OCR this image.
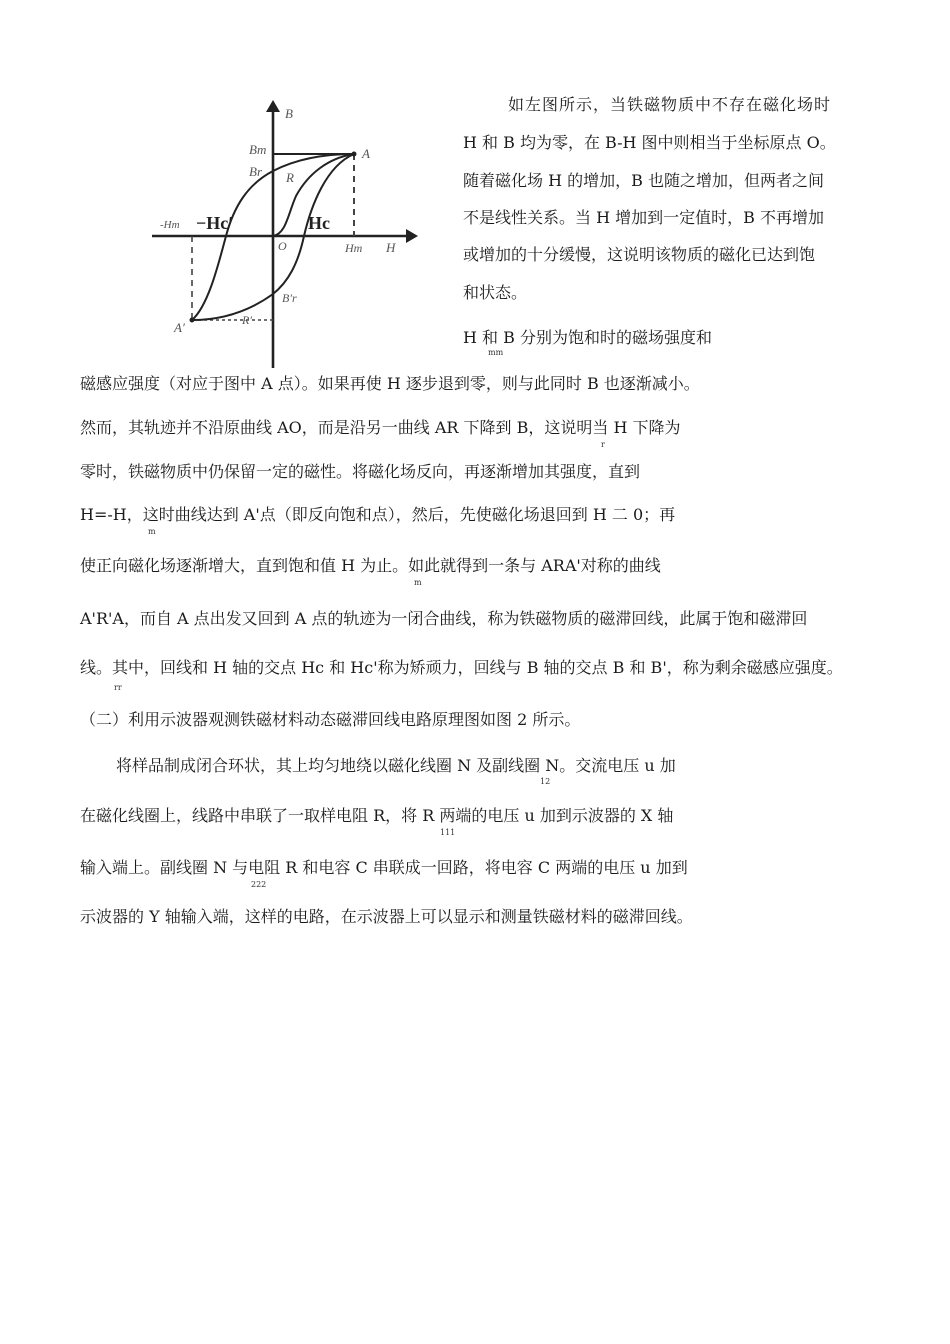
B
Bm
Br R
A
-Hm −Hc′	Hc
O	Hm H
B′r
R′
A′
如左图所示，当铁磁物质中不存在磁化场时
H 和 B 均为零，在 B-H 图中则相当于坐标原点 O。
随着磁化场 H 的增加，B 也随之增加，但两者之间
不是线性关系。当 H 增加到一定值时，B 不再增加
或增加的十分缓慢，这说明该物质的磁化已达到饱
和状态。
H 和 B 分别为饱和时的磁场强度和
mm
磁感应强度（对应于图中 A 点）。如果再使 H 逐步退到零，则与此同时 B 也逐渐减小。
然而，其轨迹并不沿原曲线 AO，而是沿另一曲线 AR 下降到 B，这说明当 H 下降为
r
零时，铁磁物质中仍保留一定的磁性。将磁化场反向，再逐渐增加其强度，直到
H=-H，这时曲线达到 A'点（即反向饱和点），然后，先使磁化场退回到 H 二 0；再
m
使正向磁化场逐渐增大，直到饱和值 H 为止。如此就得到一条与 ARA'对称的曲线
m
A'R'A，而自 A 点出发又回到 A 点的轨迹为一闭合曲线，称为铁磁物质的磁滞回线，此属于饱和磁滞回
线。其中，回线和 H 轴的交点 Hc 和 Hc'称为矫顽力，回线与 B 轴的交点 B 和 B'，称为剩余磁感应强度。
rr
（二）利用示波器观测铁磁材料动态磁滞回线电路原理图如图 2 所示。
将样品制成闭合环状，其上均匀地绕以磁化线圈 N 及副线圈 N。交流电压 u 加
12
在磁化线圈上，线路中串联了一取样电阻 R，将 R 两端的电压 u 加到示波器的 X 轴
111
输入端上。副线圈 N 与电阻 R 和电容 C 串联成一回路，将电容 C 两端的电压 u 加到
222
示波器的 Y 轴输入端，这样的电路，在示波器上可以显示和测量铁磁材料的磁滞回线。
